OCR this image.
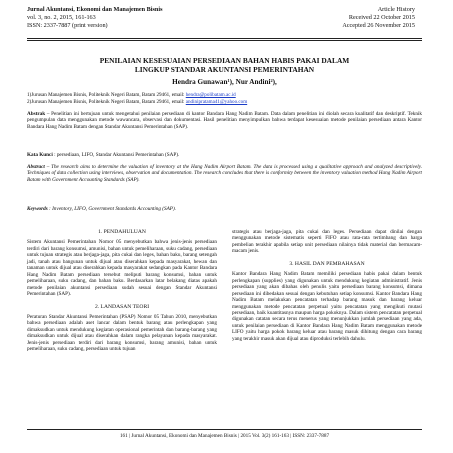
Jurnal Akuntansi, Ekonomi dan Manajemen Bisnis
vol. 3, no. 2, 2015, 161-163
ISSN: 2337-7887 (print version)
Article History
Received 22 October 2015
Accepted 26 November 2015
PENILAIAN KESESUAIAN PERSEDIAAN BAHAN HABIS PAKAI DALAM
LINGKUP STANDAR AKUNTANSI PEMERINTAHAN
Hendra Gunawan¹), Nur Andini²),
1)Jurusan Manajemen Bisnis, Politeknik Negeri Batam, Batam 29461, email: hendra@polibatam.ac.id
2)Jurusan Manajemen Bisnis, Politeknik Negeri Batam, Batam 29461, email: andinipratama41@yahoo.com
Abstrak – Penelitian ini bertujuan untuk mengetahui penilaian persediaan di kantor Bandara Hang Nadim Batam. Data dalam penelitian ini diolah secara kualitatif dan deskriptif. Teknik pengumpulan data menggunakan metode wawancara, observasi dan dokumentasi. Hasil penelitian menyimpulkan bahwa terdapat kesesuaian metode penilaian persediaan antara Kantor Bandara Hang Nadim Batam dengan Standar Akuntansi Pemerintahan (SAP).
Kata Kunci : persediaan, LIFO, Standar Akuntansi Pemerintahan (SAP).
Abstract – The research aims to determine the valuation of inventory at the Hang Nadim Airport Batam. The data is processed using a qualitative approach and analyzed descriptively. Techniques of data collection using interviews, observation and documentation. The research concludes that there is conformity between the inventory valuation method Hang Nadim Airport Batam with Government Accounting Standards (SAP).
Keywords : Inventory, LIFO, Government Standards Accounting (SAP).

1. PENDAHULUAN

Sistem Akuntansi Pemerintahan Nomor 05 menyebutkan bahwa jenis-jenis persediaan terdiri dari barang konsumsi, amunisi, bahan untuk pemeliharaan, suku cadang, persediaan untuk tujuan strategis atau berjaga-jaga, pita cukai dan leges, bahan baku, barang setengah jadi, tanah atau bangunan untuk dijual atau diserahkan kepada masyarakat, hewan dan tanaman untuk dijual atau diserahkan kepada masyarakat sedangkan pada Kantor Bandara Hang Nadim Batam persediaan tersebut meliputi barang konsumsi, bahan untuk pemeliharaan, suku cadang, dan bahan baku. Berdasarkan latar belakang diatas apakah metode penilaian akuntansi persediaan sudah sesuai dengan Standar Akuntansi Pemerintahan (SAP).

2. LANDASAN TEORI

Peraturan Standar Akuntansi Pemerintahan (PSAP) Nomor 05 Tahun 2010, menyebutkan bahwa persediaan adalah aset lancar dalam bentuk barang atau perlengkapan yang dimaksudkan untuk mendukung kegiatan operasional pemerintah dan barang-barang yang dimaksudkan untuk dijual atau diserahkan dalam rangka pelayanan kepada masyarakat. Jenis-jenis persediaan terdiri dari barang konsumsi, barang amunisi, bahan untuk pemeliharaan, suku cadang, persediaan untuk tujuan

strategis atau berjaga-jaga, pita cukai dan leges. Persediaan dapat dinilai dengan menggunakan metode sistematis seperti FIFO atau rata-rata tertimbang dan harga pembelian terakhir apabila setiap unit persediaan nilainya tidak material dan bermacam-macam jenis.

3. HASIL DAN PEMBAHASAN

Kantor Bandara Hang Nadim Batam memiliki persediaan habis pakai dalam bentuk perlengkapan (supplies) yang digunakan untuk mendukung kegiatan administratif. Jenis persediaan yang akan dibahas oleh penulis yaitu persediaan barang konsumsi, dimana persediaan ini dibedakan sesuai dengan kebutuhan setiap konsumsi. Kantor Bandara Hang Nadim Batam melakukan pencatatan terhadap barang masuk dan barang keluar menggunakan metode pencatatan perpetual yaitu pencatatan yang mengikuti mutasi persediaan, baik kuantitasnya maupun harga pokoknya. Dalam sistem pencatatan perpetual digunakan catatan secara terus menerus yang menunjukkan jumlah persediaan yang ada, untuk penilaian persediaan di Kantor Bandara Hang Nadim Batam menggunakan metode LIFO yaitu harga pokok barang keluar atau barang masuk dihitung dengan cara barang yang terakhir masuk akan dijual atau diproduksi terlebih dahulu.

161 | Jurnal Akuntansi, Ekonomi dan Manajemen Bisnis | 2015 Vol. 3(2) 161-163 | ISSN: 2337-7887
